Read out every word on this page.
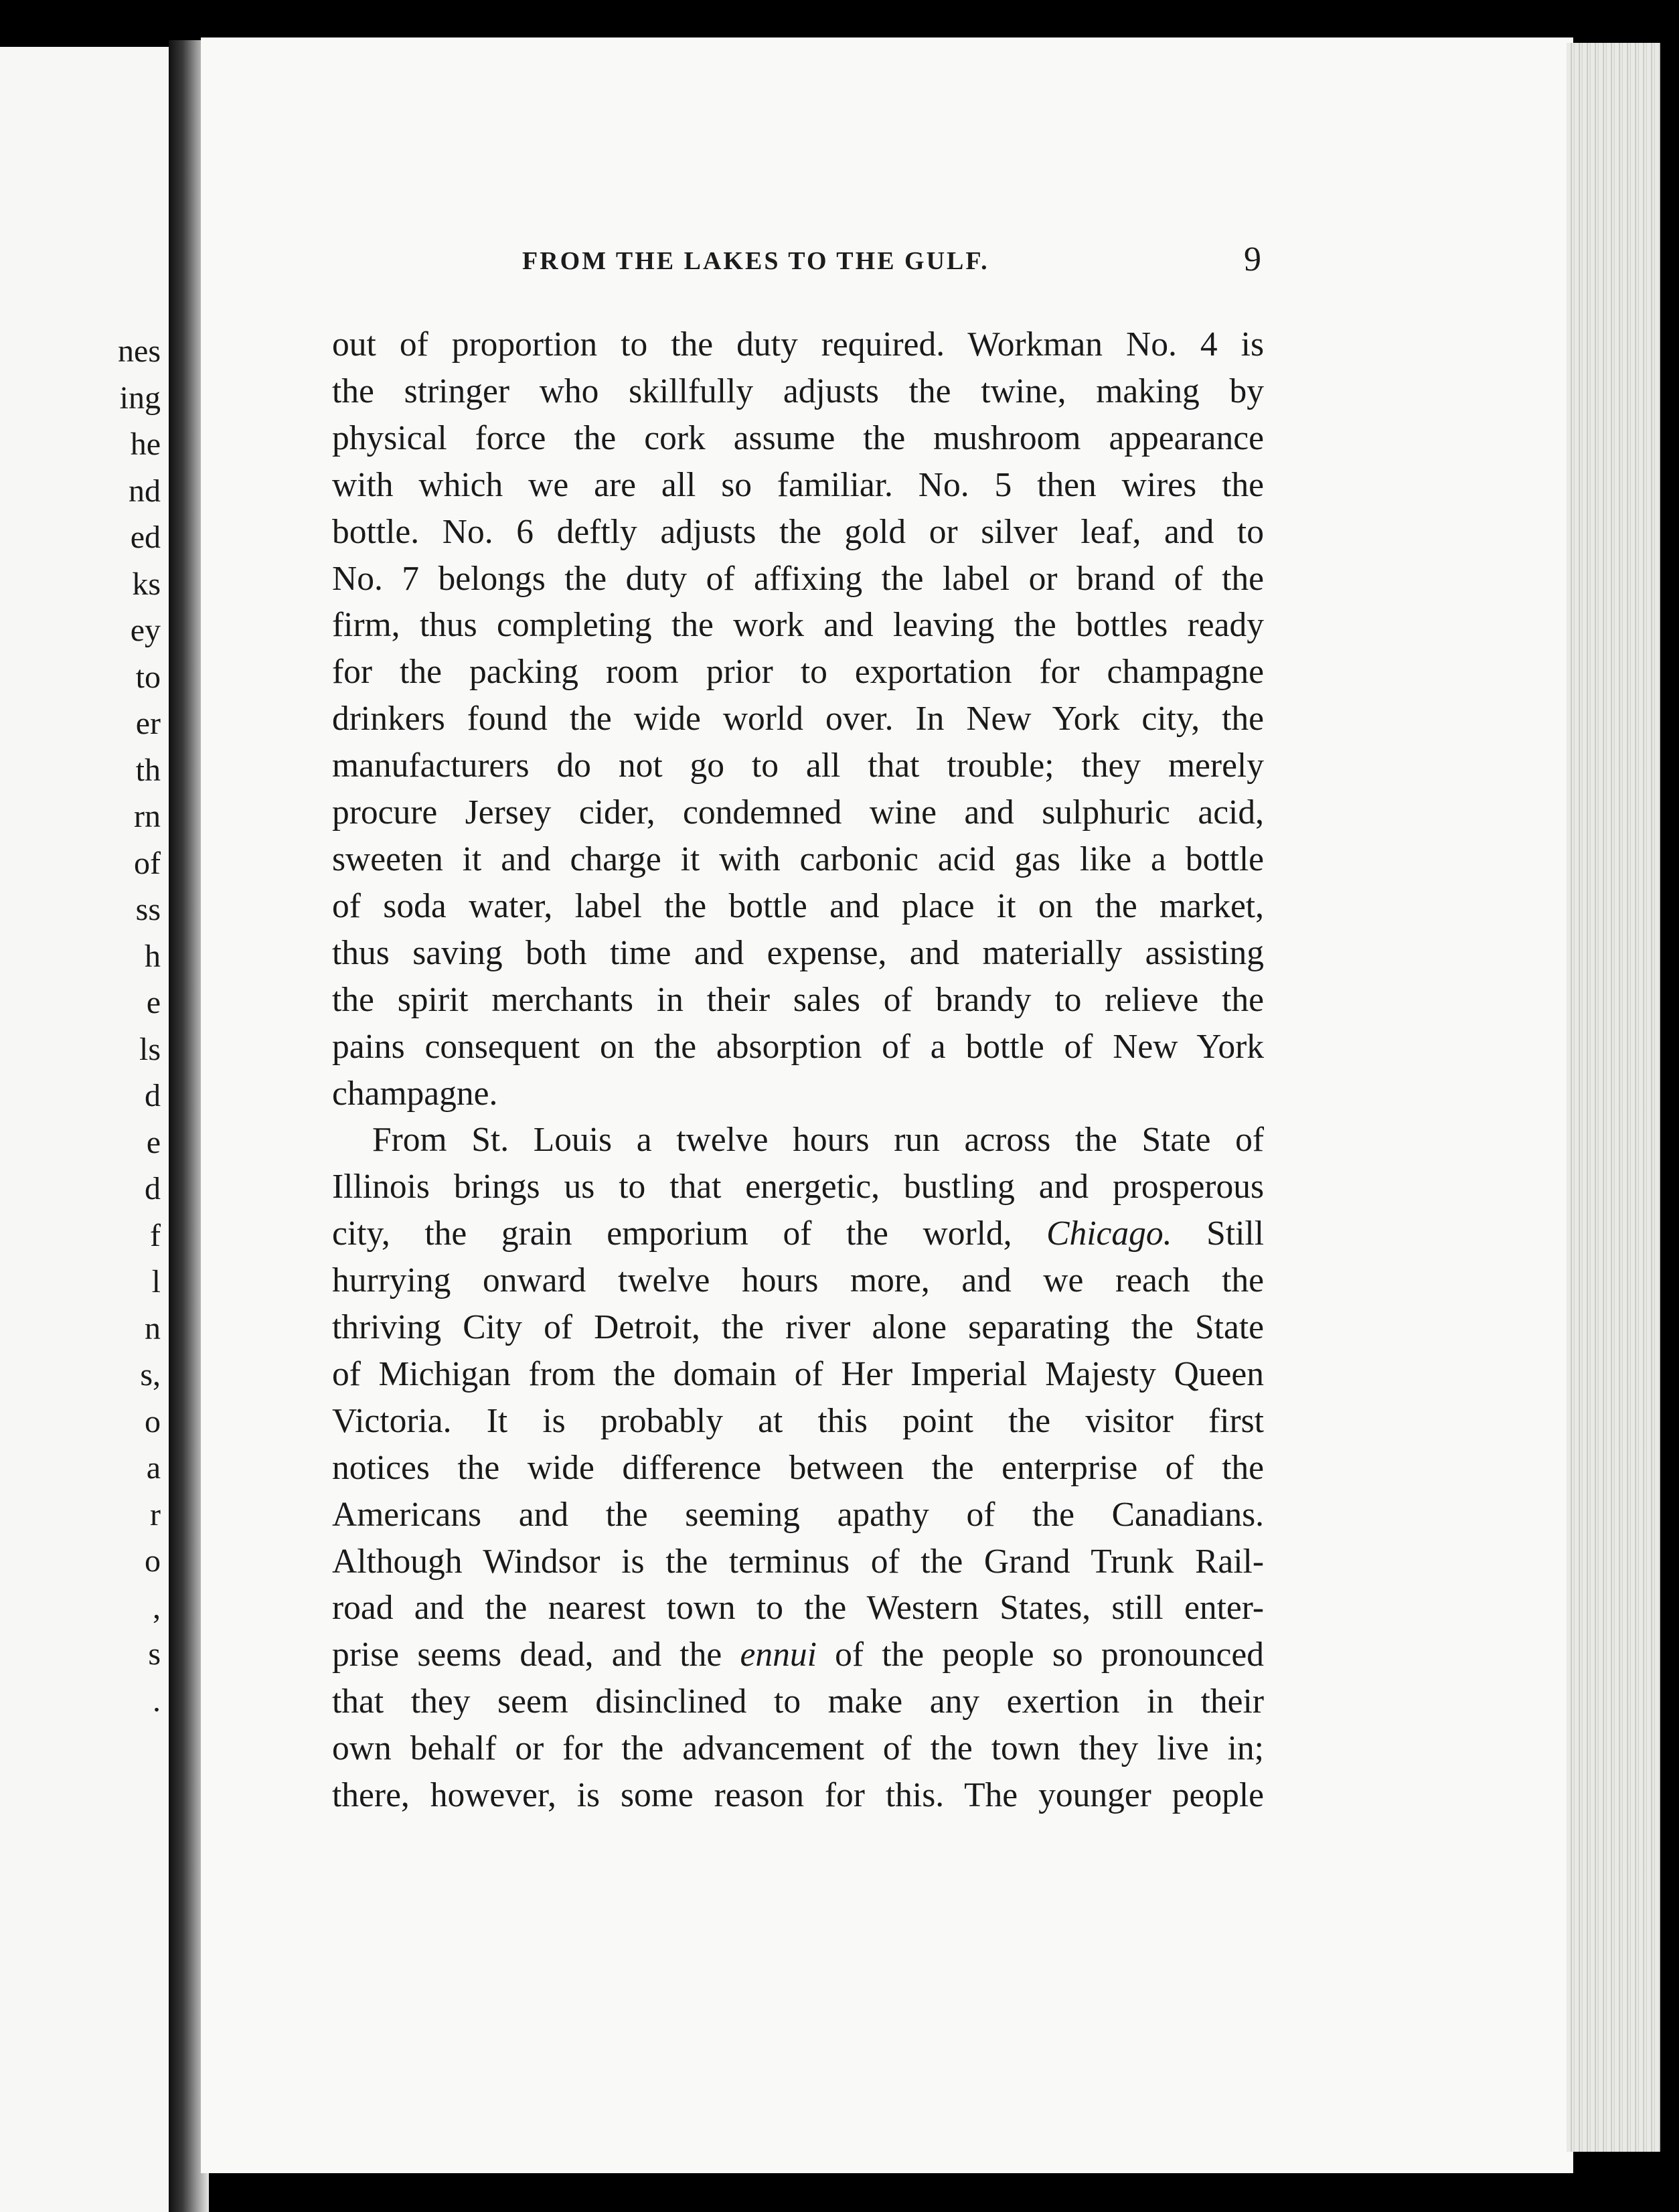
nes
ing
he
nd
ed
ks
ey
to
er
th
rn
of
ss
h
e
ls
d
e
d
f
l
n
s,
o
a
r
o
,
s
.
FROM THE LAKES TO THE GULF.	9
out of proportion to the duty required. Workman No. 4 is
the stringer who skillfully adjusts the twine, making by
physical force the cork assume the mushroom appearance
with which we are all so familiar. No. 5 then wires the
bottle. No. 6 deftly adjusts the gold or silver leaf, and to
No. 7 belongs the duty of affixing the label or brand of the
firm, thus completing the work and leaving the bottles ready
for the packing room prior to exportation for champagne
drinkers found the wide world over. In New York city, the
manufacturers do not go to all that trouble; they merely
procure Jersey cider, condemned wine and sulphuric acid,
sweeten it and charge it with carbonic acid gas like a bottle
of soda water, label the bottle and place it on the market,
thus saving both time and expense, and materially assisting
the spirit merchants in their sales of brandy to relieve the
pains consequent on the absorption of a bottle of New York
champagne.
From St. Louis a twelve hours run across the State of
Illinois brings us to that energetic, bustling and prosperous
city, the grain emporium of the world, Chicago. Still
hurrying onward twelve hours more, and we reach the
thriving City of Detroit, the river alone separating the State
of Michigan from the domain of Her Imperial Majesty Queen
Victoria. It is probably at this point the visitor first
notices the wide difference between the enterprise of the
Americans and the seeming apathy of the Canadians.
Although Windsor is the terminus of the Grand Trunk Rail-
road and the nearest town to the Western States, still enter-
prise seems dead, and the ennui of the people so pronounced
that they seem disinclined to make any exertion in their
own behalf or for the advancement of the town they live in;
there, however, is some reason for this. The younger people
